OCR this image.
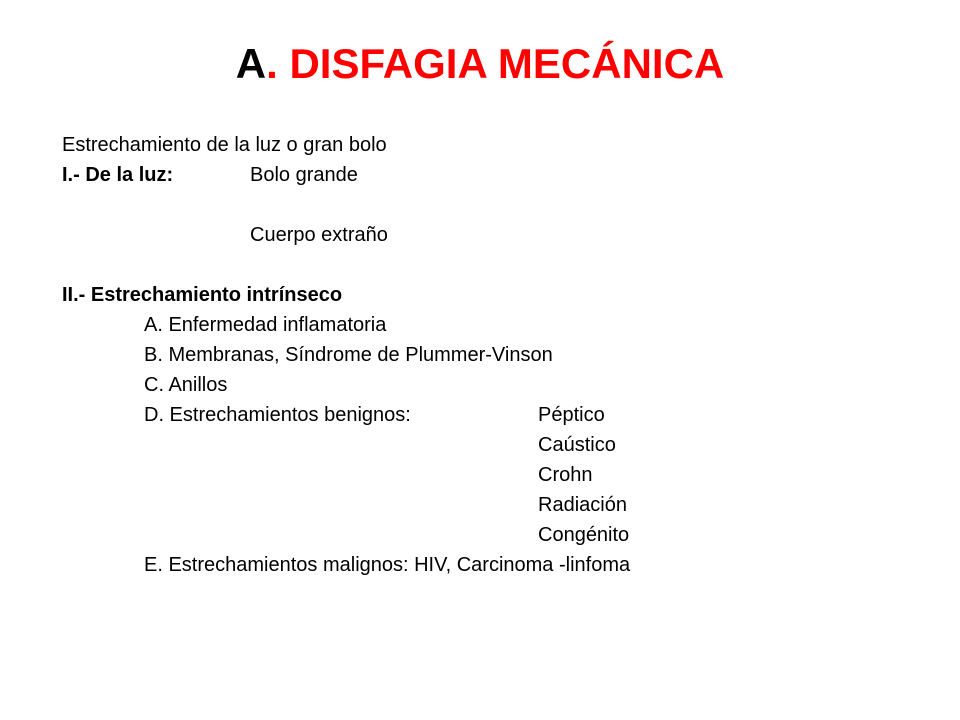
A. DISFAGIA MECÁNICA
Estrechamiento de la luz o gran bolo
I.- De la luz:	Bolo grande
Cuerpo extraño
II.- Estrechamiento intrínseco
A. Enfermedad inflamatoria
B. Membranas, Síndrome de Plummer-Vinson
C. Anillos
D. Estrechamientos benignos:	Péptico
Caústico
Crohn
Radiación
Congénito
E. Estrechamientos malignos: HIV, Carcinoma -linfoma
